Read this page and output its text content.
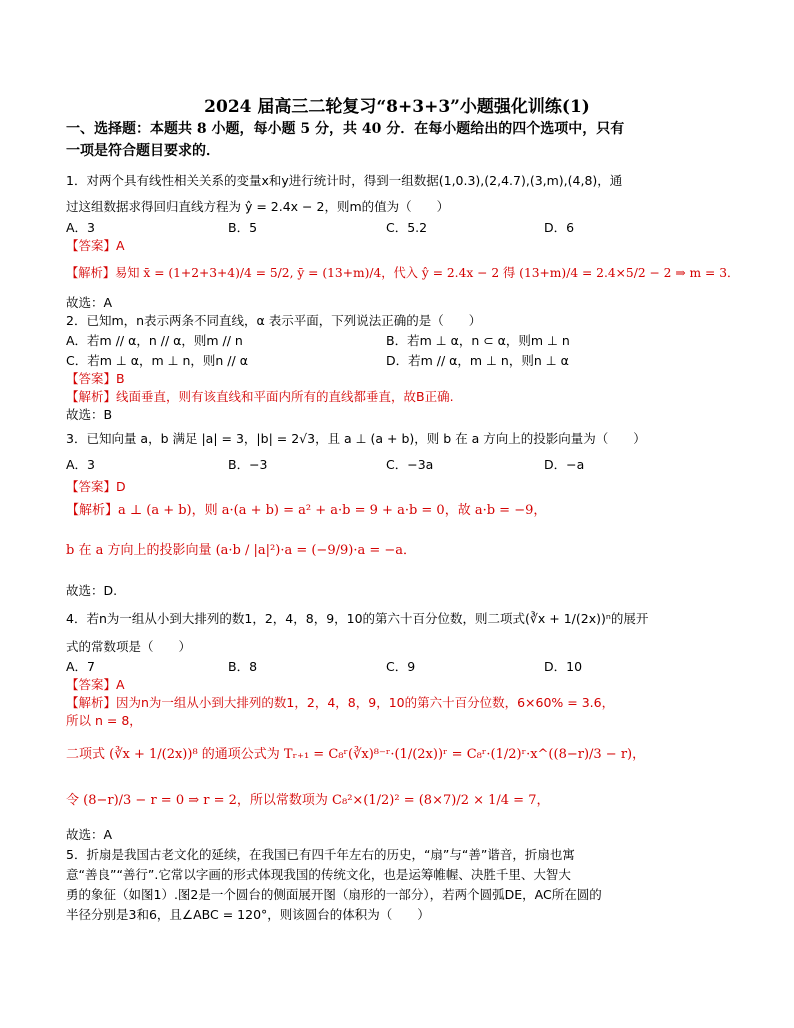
2024 届高三二轮复习“8+3+3”小题强化训练(1)
一、选择题：本题共 8 小题，每小题 5 分，共 40 分．在每小题给出的四个选项中，只有
一项是符合题目要求的．
1．对两个具有线性相关关系的变量x和y进行统计时，得到一组数据(1,0.3),(2,4.7),(3,m),(4,8)，通
过这组数据求得回归直线方程为 ŷ = 2.4x − 2，则m的值为（　　）
A．3	B．5	C．5.2	D．6
【答案】A
【解析】易知 x̄ = (1+2+3+4)/4 = 5/2, ȳ = (13+m)/4，代入 ŷ = 2.4x − 2 得 (13+m)/4 = 2.4×5/2 − 2 ⇒ m = 3．
故选：A
2．已知m，n表示两条不同直线，α 表示平面，下列说法正确的是（　　）
A．若m // α，n // α，则m // n	B．若m ⊥ α，n ⊂ α，则m ⊥ n
C．若m ⊥ α，m ⊥ n，则n // α	D．若m // α，m ⊥ n，则n ⊥ α
【答案】B
【解析】线面垂直，则有该直线和平面内所有的直线都垂直，故B正确.
故选：B
3．已知向量 a，b 满足 |a| = 3，|b| = 2√3，且 a ⊥ (a + b)，则 b 在 a 方向上的投影向量为（　　）
A．3	B．−3	C．−3a	D．−a
【答案】D
【解析】a ⊥ (a + b)，则 a·(a + b) = a² + a·b = 9 + a·b = 0，故 a·b = −9，
b 在 a 方向上的投影向量 (a·b / |a|²)·a = (−9/9)·a = −a．
故选：D.
4．若n为一组从小到大排列的数1，2，4，8，9，10的第六十百分位数，则二项式(∛x + 1/(2x))ⁿ的展开
式的常数项是（　　）
A．7	B．8	C．9	D．10
【答案】A
【解析】因为n为一组从小到大排列的数1，2，4，8，9，10的第六十百分位数，6×60% = 3.6，
所以 n = 8，
二项式 (∛x + 1/(2x))⁸ 的通项公式为 Tᵣ₊₁ = C₈ʳ(∛x)⁸⁻ʳ·(1/(2x))ʳ = C₈ʳ·(1/2)ʳ·x^((8−r)/3 − r)，
令 (8−r)/3 − r = 0 ⇒ r = 2，所以常数项为 C₈²×(1/2)² = (8×7)/2 × 1/4 = 7，
故选：A
5．折扇是我国古老文化的延续，在我国已有四千年左右的历史，“扇”与“善”谐音，折扇也寓
意“善良”“善行”.它常以字画的形式体现我国的传统文化，也是运筹帷幄、决胜千里、大智大
勇的象征（如图1）.图2是一个圆台的侧面展开图（扇形的一部分），若两个圆弧DE，AC所在圆的
半径分别是3和6，且∠ABC = 120°，则该圆台的体积为（　　）
